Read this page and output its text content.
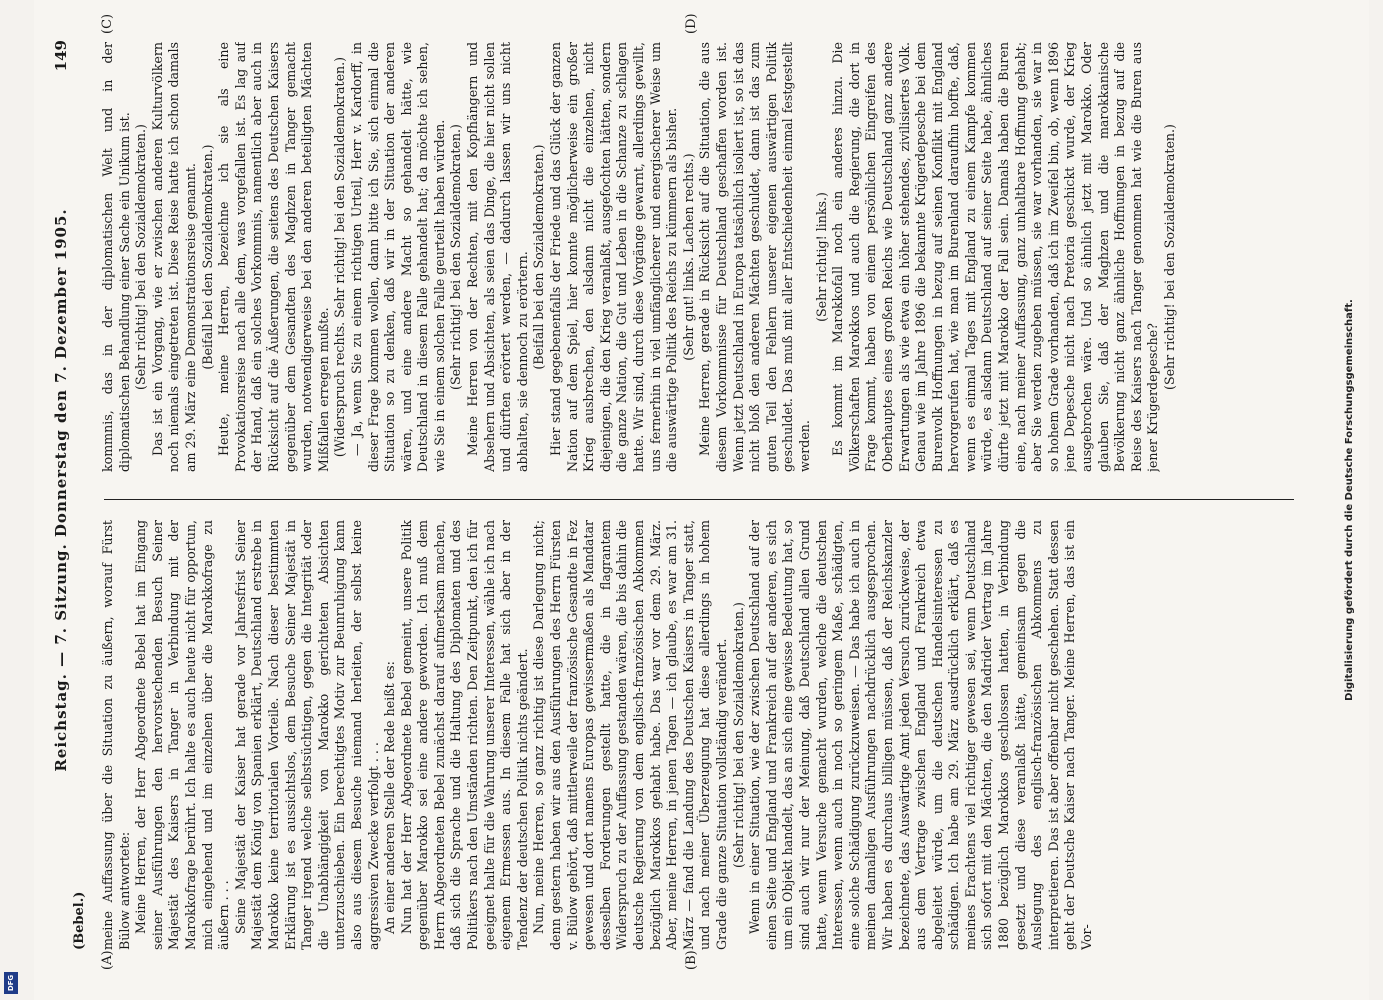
(Bebel.)
Reichstag. — 7. Sitzung. Donnerstag den 7. Dezember 1905.
149
(A)	(B)
(C)	(D)

meine Auffassung über die Situation zu äußern, worauf Fürst Bülow antwortete: Meine Herren, der Herr Abgeordnete Bebel hat im Eingang seiner Ausführungen den hervorstechenden Besuch Seiner Majestät des Kaisers in Tanger in Verbindung mit der Marokkofrage berührt. Ich halte es auch heute nicht für opportun, mich eingehend und im einzelnen über die Marokkofrage zu äußern . . . Seine Majestät der Kaiser hat gerade vor Jahresfrist Seiner Majestät dem König von Spanien erklärt, Deutschland erstrebe in Marokko keine territorialen Vorteile. Nach dieser bestimmten Erklärung ist es aussichtslos, dem Besuche Seiner Majestät in Tanger irgend welche selbstsüchtigen, gegen die Integrität oder die Unabhängigkeit von Marokko gerichteten Absichten unterzuschieben. Ein berechtigtes Motiv zur Beunruhigung kann also aus diesem Besuche niemand herleiten, der selbst keine aggressiven Zwecke verfolgt . . . An einer anderen Stelle der Rede heißt es: Nun hat der Herr Abgeordnete Bebel gemeint, unsere Politik gegenüber Marokko sei eine andere geworden. Ich muß dem Herrn Abgeordneten Bebel zunächst darauf aufmerksam machen, daß sich die Sprache und die Haltung des Diplomaten und des Politikers nach den Umständen richten. Den Zeitpunkt, den ich für geeignet halte für die Wahrung unserer Interessen, wähle ich nach eigenem Ermessen aus. In diesem Falle hat sich aber in der Tendenz der deutschen Politik nichts geändert. Nun, meine Herren, so ganz richtig ist diese Darlegung nicht; denn gestern haben wir aus den Ausführungen des Herrn Fürsten v. Bülow gehört, daß mittlerweile der französische Gesandte in Fez gewesen und dort namens Europas gewissermaßen als Mandatar desselben Forderungen gestellt hatte, die in flagrantem Widerspruch zu der Auffassung gestanden wären, die bis dahin die deutsche Regierung von dem englisch-französischen Abkommen bezüglich Marokkos gehabt habe. Das war vor dem 29. März. Aber, meine Herren, in jenen Tagen — ich glaube, es war am 31. März — fand die Landung des Deutschen Kaisers in Tanger statt, und nach meiner Überzeugung hat diese allerdings in hohem Grade die ganze Situation vollständig verändert. (Sehr richtig! bei den Sozialdemokraten.) Wenn in einer Situation, wie der zwischen Deutschland auf der einen Seite und England und Frankreich auf der anderen, es sich um ein Objekt handelt, das an sich eine gewisse Bedeutung hat, so sind auch wir nur der Meinung, daß Deutschland allen Grund hatte, wenn Versuche gemacht wurden, welche die deutschen Interessen, wenn auch in noch so geringem Maße, schädigten, eine solche Schädigung zurückzuweisen. — Das habe ich auch in meinen damaligen Ausführungen nachdrücklich ausgesprochen. Wir haben es durchaus billigen müssen, daß der Reichskanzler bezeichnete, das Auswärtige Amt jeden Versuch zurückweise, der aus dem Vertrage zwischen England und Frankreich etwa abgeleitet würde, um die deutschen Handelsinteressen zu schädigen. Ich habe am 29. März ausdrücklich erklärt, daß es meines Erachtens viel richtiger gewesen sei, wenn Deutschland sich sofort mit den Mächten, die den Madrider Vertrag im Jahre 1880 bezüglich Marokkos geschlossen hatten, in Verbindung gesetzt und diese veranlaßt hätte, gemeinsam gegen die Auslegung des englisch-französischen Abkommens zu interpretieren. Das ist aber offenbar nicht geschehen. Statt dessen geht der Deutsche Kaiser nach Tanger. Meine Herren, das ist ein Vor-

kommnis, das in der diplomatischen Welt und in der diplomatischen Behandlung einer Sache ein Unikum ist. (Sehr richtig! bei den Sozialdemokraten.) Das ist ein Vorgang, wie er zwischen anderen Kulturvölkern noch niemals eingetreten ist. Diese Reise hatte ich schon damals am 29. März eine Demonstrationsreise genannt. (Beifall bei den Sozialdemokraten.) Heute, meine Herren, bezeichne ich sie als eine Provokationsreise nach alle dem, was vorgefallen ist. Es lag auf der Hand, daß ein solches Vorkommnis, namentlich aber auch in Rücksicht auf die Äußerungen, die seitens des Deutschen Kaisers gegenüber dem Gesandten des Maghzen in Tanger gemacht wurden, notwendigerweise bei den anderen beteiligten Mächten Mißfallen erregen mußte. (Widerspruch rechts. Sehr richtig! bei den Sozialdemokraten.) — Ja, wenn Sie zu einem richtigen Urteil, Herr v. Kardorff, in dieser Frage kommen wollen, dann bitte ich Sie, sich einmal die Situation so zu denken, daß wir in der Situation der anderen wären, und eine andere Macht so gehandelt hätte, wie Deutschland in diesem Falle gehandelt hat; da möchte ich sehen, wie Sie in einem solchen Falle geurteilt haben würden. (Sehr richtig! bei den Sozialdemokraten.) Meine Herren von der Rechten, mit den Kopfhängern und Absehern und Absichten, als seien das Dinge, die hier nicht sollen und dürften erörtert werden, — dadurch lassen wir uns nicht abhalten, sie dennoch zu erörtern. (Beifall bei den Sozialdemokraten.) Hier stand gegebenenfalls der Friede und das Glück der ganzen Nation auf dem Spiel, hier konnte möglicherweise ein großer Krieg ausbrechen, den alsdann nicht die einzelnen, nicht diejenigen, die den Krieg veranlaßt, ausgefochten hätten, sondern die ganze Nation, die Gut und Leben in die Schanze zu schlagen hatte. Wir sind, durch diese Vorgänge gewarnt, allerdings gewillt, uns fernerhin in viel umfänglicherer und energischerer Weise um die auswärtige Politik des Reichs zu kümmern als bisher. (Sehr gut! links. Lachen rechts.) Meine Herren, gerade in Rücksicht auf die Situation, die aus diesem Vorkommnisse für Deutschland geschaffen worden ist. Wenn jetzt Deutschland in Europa tatsächlich isoliert ist, so ist das nicht bloß den anderen Mächten geschuldet, dann ist das zum guten Teil den Fehlern unserer eigenen auswärtigen Politik geschuldet. Das muß mit aller Entschiedenheit einmal festgestellt werden.

(Sehr richtig! links.) Es kommt im Marokkofall noch ein anderes hinzu. Die Völkerschaften Marokkos und auch die Regierung, die dort in Frage kommt, haben von einem persönlichen Eingreifen des Oberhauptes eines großen Reichs wie Deutschland ganz andere Erwartungen als wie etwa ein höher stehendes, zivilisiertes Volk. Genau wie im Jahre 1896 die bekannte Krügerdepesche bei dem Burenvolk Hoffnungen in bezug auf seinen Konflikt mit England hervorgerufen hat, wie man im Burenland daraufhin hoffte, daß, wenn es einmal Tages mit England zu einem Kampfe kommen würde, es alsdann Deutschland auf seiner Seite habe, ähnliches dürfte jetzt mit Marokko der Fall sein. Damals haben die Buren eine, nach meiner Auffassung, ganz unhaltbare Hoffnung gehabt; aber Sie werden zugeben müssen, sie war vorhanden, sie war in so hohem Grade vorhanden, daß ich im Zweifel bin, ob, wenn 1896 jene Depesche nicht nach Pretoria geschickt wurde, der Krieg ausgebrochen wäre. Und so ähnlich jetzt mit Marokko. Oder glauben Sie, daß der Maghzen und die marokkanische Bevölkerung nicht ganz ähnliche Hoffnungen in bezug auf die Reise des Kaisers nach Tanger genommen hat wie die Buren aus jener Krügerdepesche?

(Sehr richtig! bei den Sozialdemokraten.)

Digitalisierung gefördert durch die Deutsche Forschungsgemeinschaft.
DFG
